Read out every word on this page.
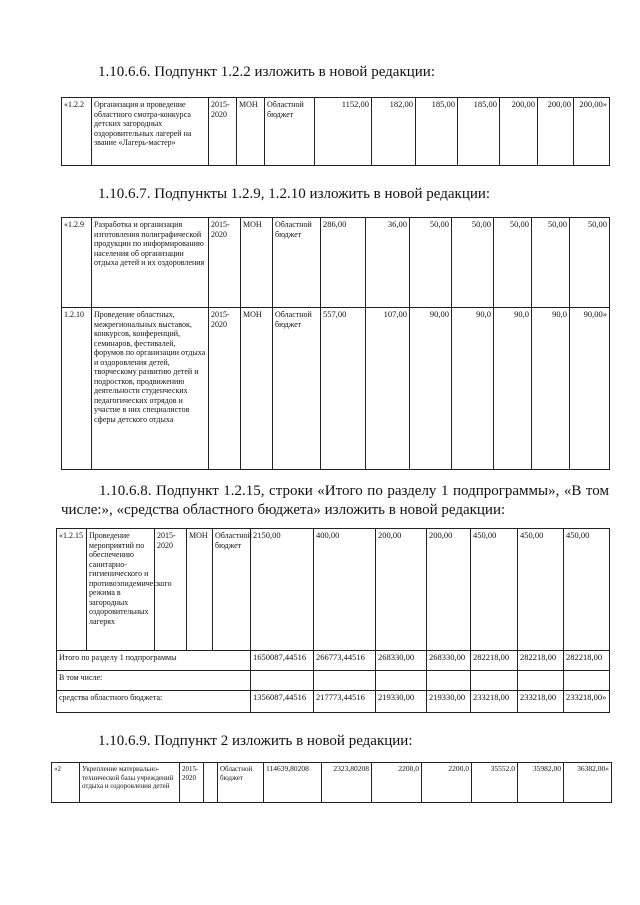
1.10.6.6. Подпункт 1.2.2 изложить в новой редакции:
«1.2.2	Организация и проведение областного смотра-конкурса детских загородных оздоровительных лагерей на звание «Лагерь-мастер»	2015-2020	МОН	Областной бюджет	1152,00	182,00	185,00	185,00	200,00	200,00	200,00»
1.10.6.7. Подпункты 1.2.9, 1.2.10 изложить в новой редакции:
«1.2.9	Разработка и организация изготовления полиграфической продукции по информированию населения об организации отдыха детей и их оздоровления	2015-2020	МОН	Областной бюджет	286,00	36,00	50,00	50,00	50,00	50,00	50,00
1.2.10	Проведение областных, межрегиональных выставок, конкурсов, конференций, семинаров, фестивалей, форумов по организации отдыха и оздоровления детей, творческому развитию детей и подростков, продвижению деятельности студенческих педагогических отрядов и участие в них специалистов сферы детского отдыха	2015-2020	МОН	Областной бюджет	557,00	107,00	90,00	90,0	90,0	90,0	90,00»
1.10.6.8. Подпункт 1.2.15, строки «Итого по разделу 1 подпрограммы», «В том числе:», «средства областного бюджета» изложить в новой редакции:
«1.2.15	Проведение мероприятий по обеспечению санитарно-гигиенического и противоэпидемического режима в загородных оздоровительных лагерях	2015-2020	МОН	Областной бюджет	2150,00	400,00	200,00	200,00	450,00	450,00	450,00
Итого по разделу 1 подпрограммы					1650087,44516	266773,44516	268330,00	268330,00	282218,00	282218,00	282218,00
В том числе:											
средства областного бюджета:					1356087,44516	217773,44516	219330,00	219330,00	233218,00	233218,00	233218,00»
1.10.6.9. Подпункт 2 изложить в новой редакции:
«2	Укрепление материально-технической базы учреждений отдыха и оздоровления детей	2015-2020		Областной бюджет	114639,80208	2323,80208	2200,0	2200,0	35552,0	35982,00	36382,00»
